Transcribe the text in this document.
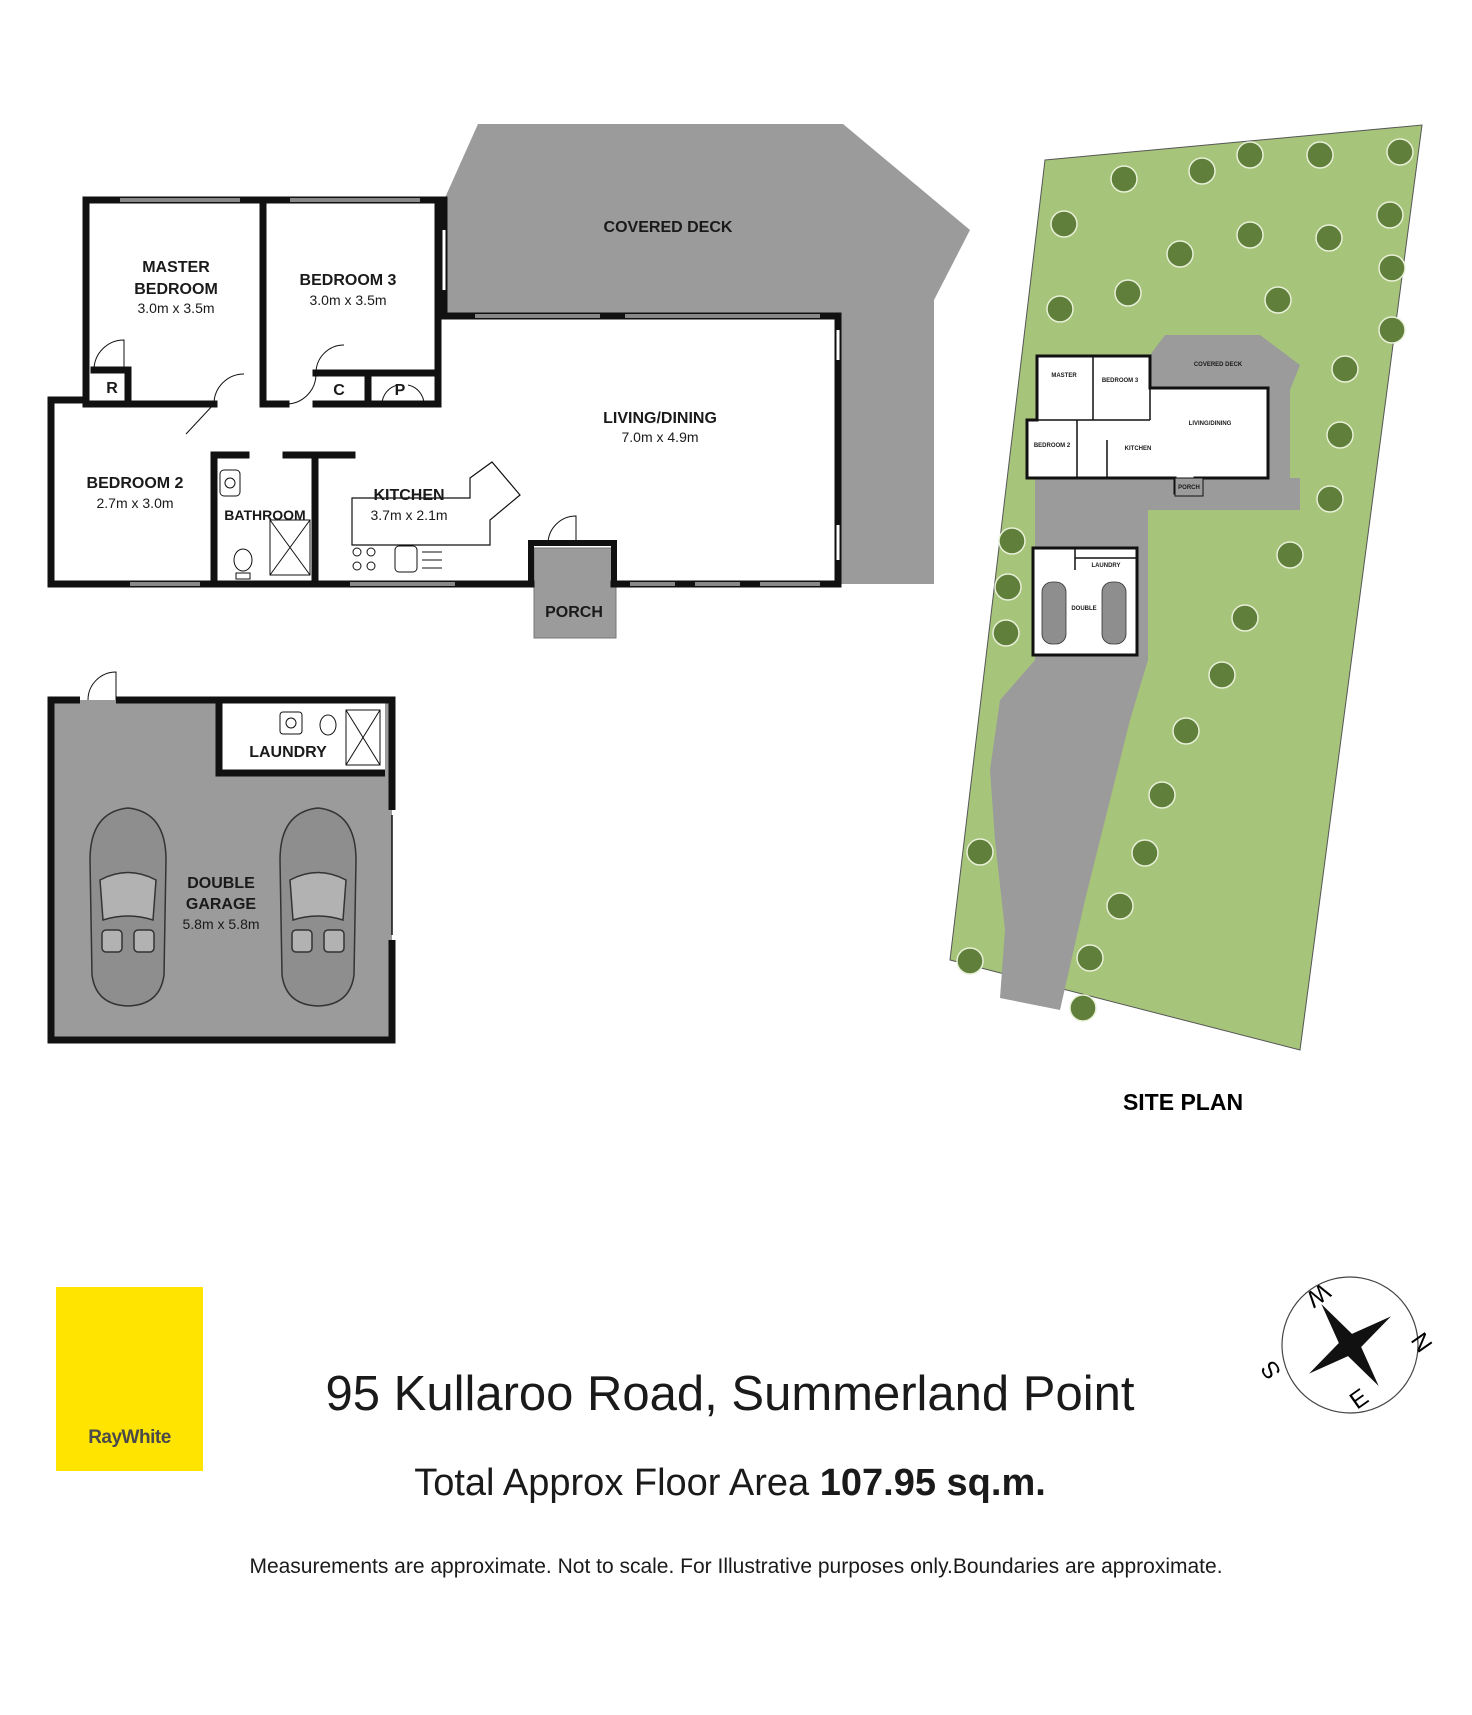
MASTER
BEDROOM
3.0m x 3.5m
BEDROOM 3
3.0m x 3.5m
BEDROOM 2
2.7m x 3.0m
BATHROOM
KITCHEN
3.7m x 2.1m
LIVING/DINING
7.0m x 4.9m
COVERED DECK
PORCH
R	C	P
LAUNDRY
DOUBLE
GARAGE
5.8m x 5.8m
MASTER
BEDROOM 3
BEDROOM 2	KITCHEN
LIVING/DINING
COVERED DECK
PORCH
LAUNDRY
DOUBLE
SITE PLAN
N
E
S
W
RayWhite
95 Kullaroo Road, Summerland Point
Total Approx Floor Area 107.95 sq.m.
Measurements are approximate. Not to scale. For Illustrative purposes only.Boundaries are approximate.
